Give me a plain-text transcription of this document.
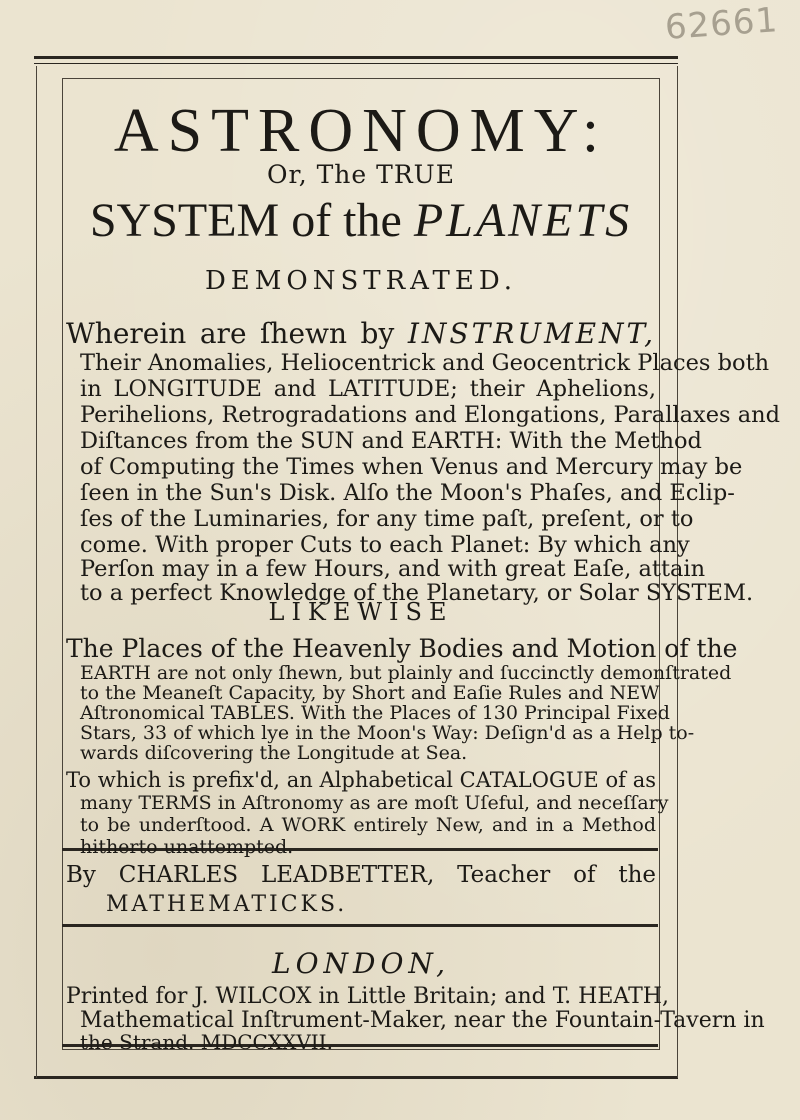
62661
ASTRONOMY:
Or, The TRUE
SYSTEM of the PLANETS
DEMONSTRATED.
Wherein are ſhewn by INSTRUMENT,
Their Anomalies, Heliocentrick and Geocentrick Places both
in LONGITUDE and LATITUDE; their Aphelions,
Perihelions, Retrogradations and Elongations, Parallaxes and
Diſtances from the SUN and EARTH: With the Method
of Computing the Times when Venus and Mercury may be
ſeen in the Sun's Disk. Alſo the Moon's Phaſes, and Eclip-
ſes of the Luminaries, for any time paſt, preſent, or to
come. With proper Cuts to each Planet: By which any
Perſon may in a few Hours, and with great Eaſe, attain
to a perfect Knowledge of the Planetary, or Solar SYSTEM.
LIKEWISE
The Places of the Heavenly Bodies and Motion of the
EARTH are not only ſhewn, but plainly and ſuccinctly demonſtrated
to the Meaneſt Capacity, by Short and Eaſie Rules and NEW
Aſtronomical TABLES. With the Places of 130 Principal Fixed
Stars, 33 of which lye in the Moon's Way: Deſign'd as a Help to-
wards diſcovering the Longitude at Sea.
To which is prefix'd, an Alphabetical CATALOGUE of as
many TERMS in Aſtronomy as are moſt Uſeful, and neceſſary
to be underſtood. A WORK entirely New, and in a Method
By CHARLES LEADBETTER, Teacher of the
MATHEMATICKS.
LONDON,
Printed for J. WILCOX in Little Britain; and T. HEATH,
Mathematical Inſtrument-Maker, near the Fountain-Tavern in
the Strand. MDCCXXVII.
hitherto unattempted.
